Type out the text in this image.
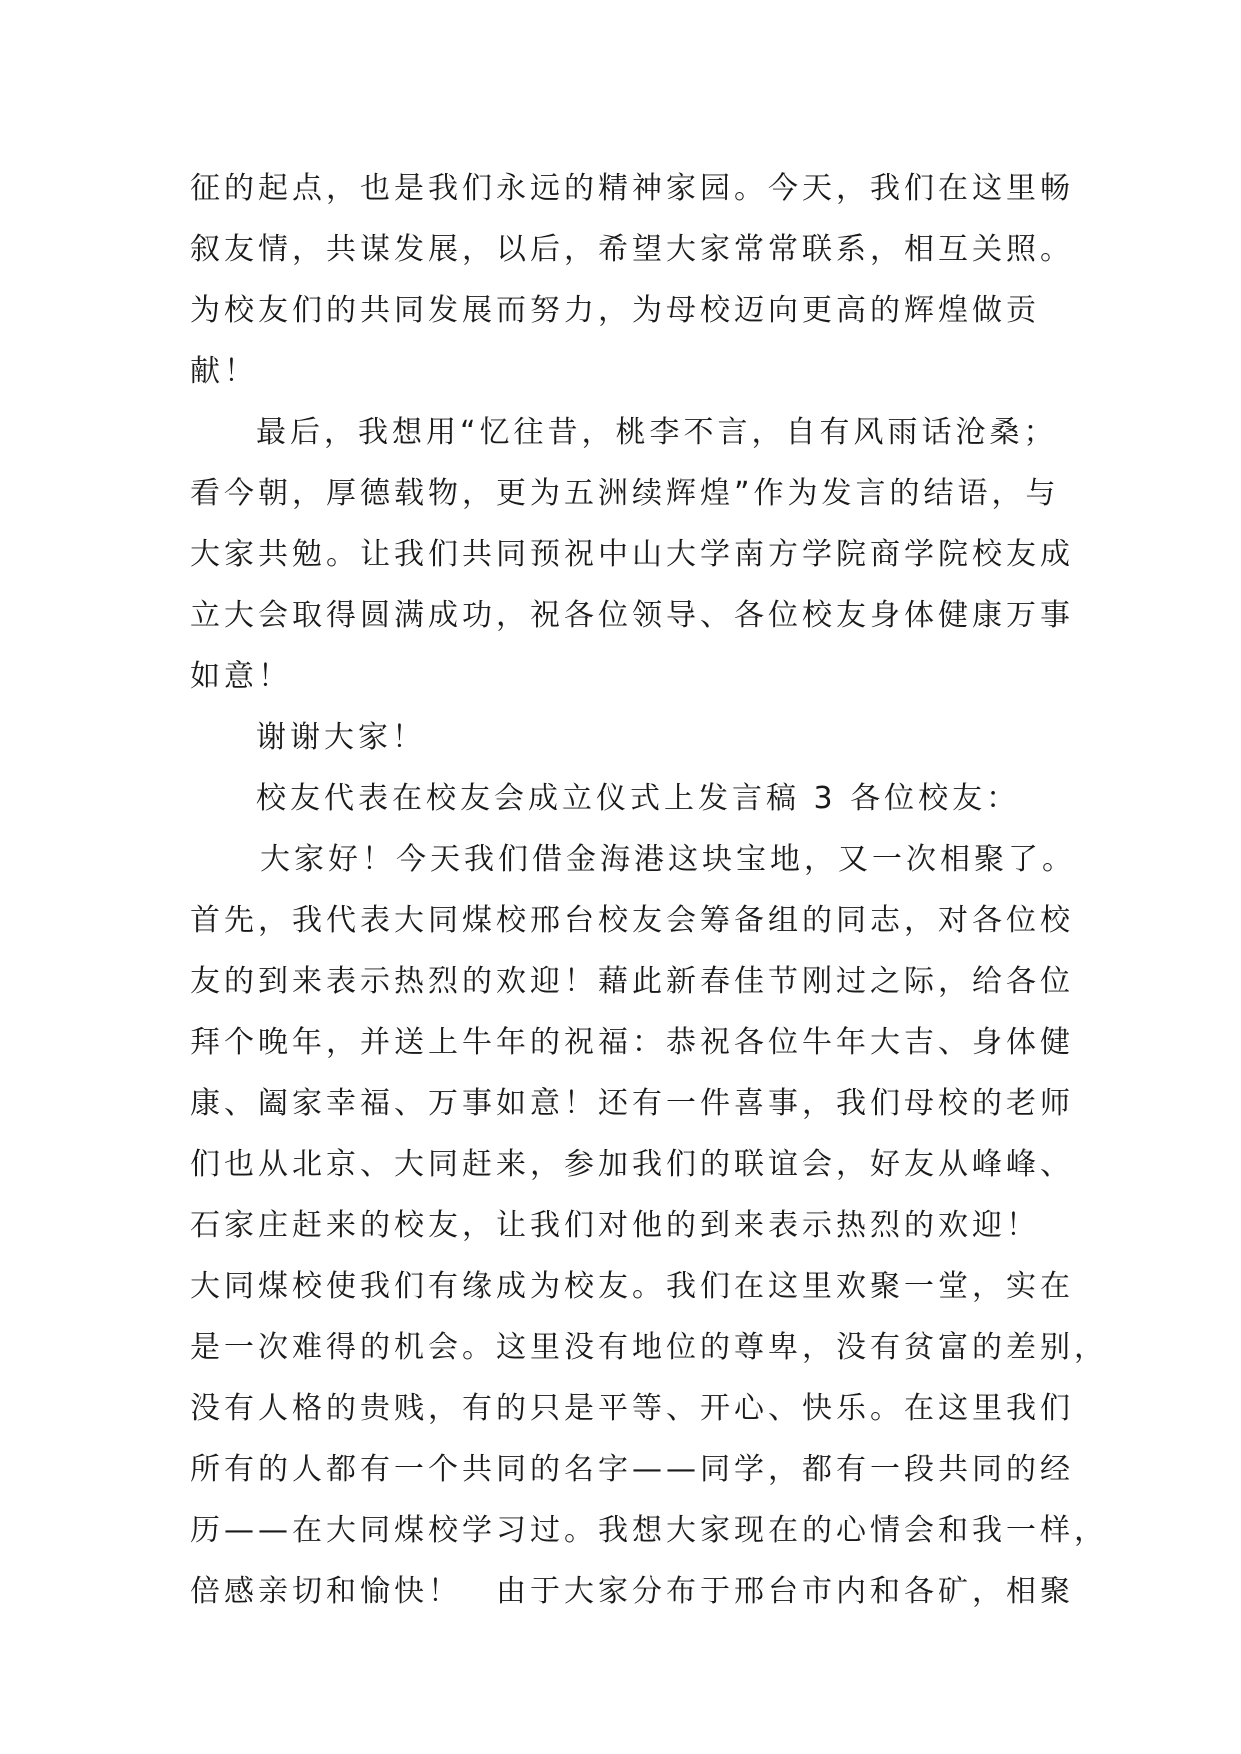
征的起点，也是我们永远的精神家园。今天，我们在这里畅
叙友情，共谋发展，以后，希望大家常常联系，相互关照。
为校友们的共同发展而努力，为母校迈向更高的辉煌做贡
献！
最后，我想用“忆往昔，桃李不言，自有风雨话沧桑；
看今朝，厚德载物，更为五洲续辉煌”作为发言的结语，与
大家共勉。让我们共同预祝中山大学南方学院商学院校友成
立大会取得圆满成功，祝各位领导、各位校友身体健康万事
如意！
谢谢大家！
校友代表在校友会成立仪式上发言稿 3 各位校友：
大家好！今天我们借金海港这块宝地，又一次相聚了。
首先，我代表大同煤校邢台校友会筹备组的同志，对各位校
友的到来表示热烈的欢迎！藉此新春佳节刚过之际，给各位
拜个晚年，并送上牛年的祝福：恭祝各位牛年大吉、身体健
康、阖家幸福、万事如意！还有一件喜事，我们母校的老师
们也从北京、大同赶来，参加我们的联谊会，好友从峰峰、
石家庄赶来的校友，让我们对他的到来表示热烈的欢迎！
大同煤校使我们有缘成为校友。我们在这里欢聚一堂，实在
是一次难得的机会。这里没有地位的尊卑，没有贫富的差别，
没有人格的贵贱，有的只是平等、开心、快乐。在这里我们
所有的人都有一个共同的名字——同学，都有一段共同的经
历——在大同煤校学习过。我想大家现在的心情会和我一样，
倍感亲切和愉快！　由于大家分布于邢台市内和各矿，相聚
